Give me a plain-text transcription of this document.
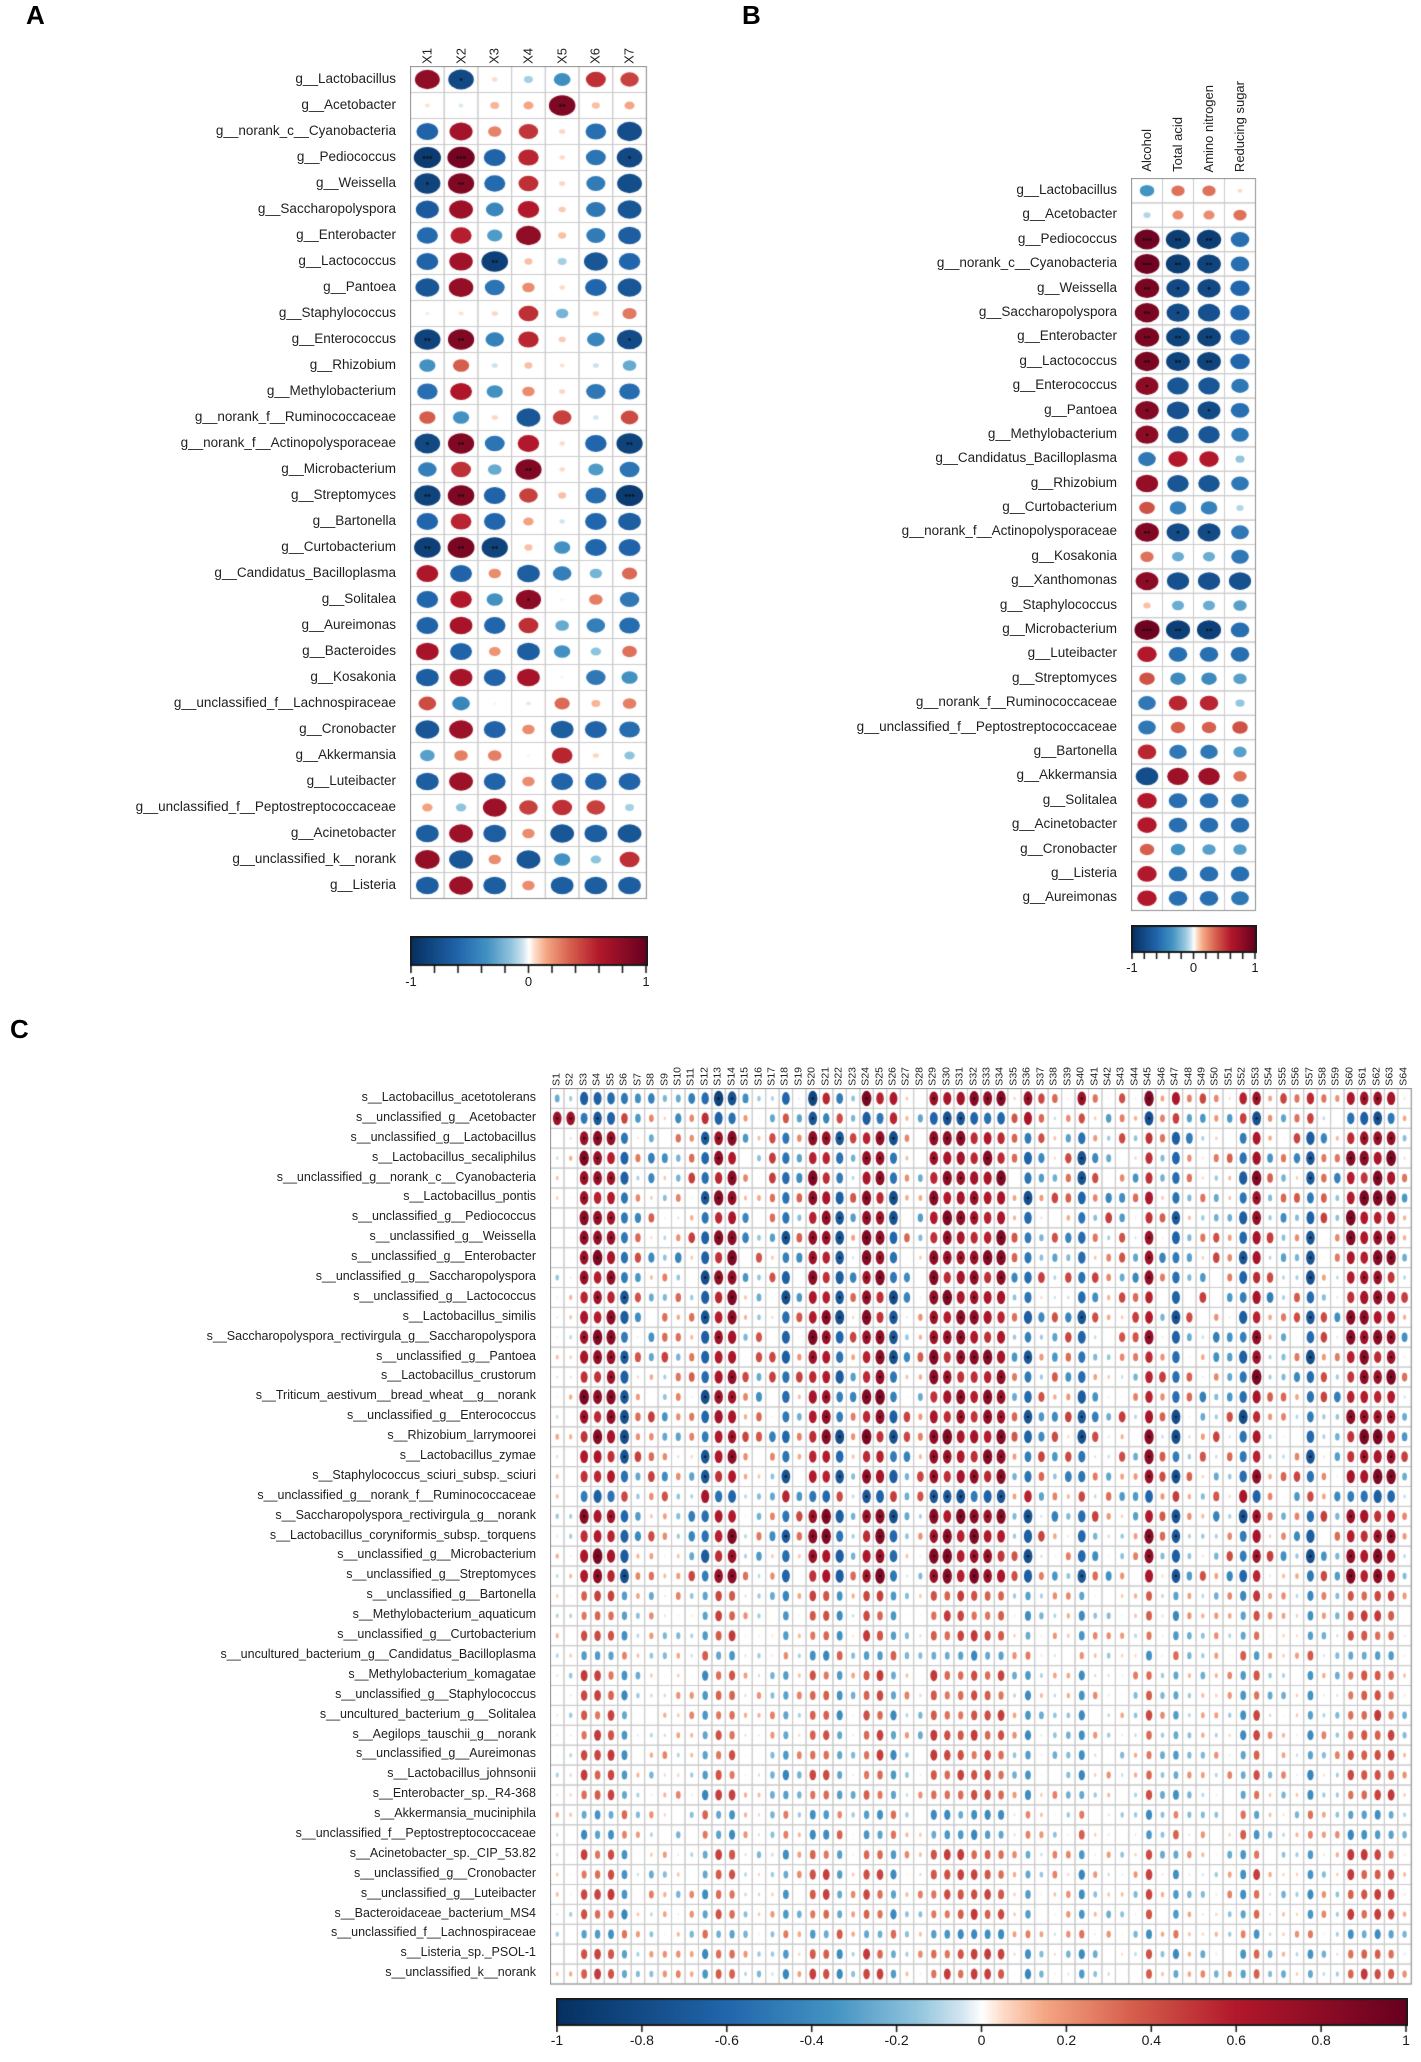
A	B
C
g__Lactobacillus
g__Acetobacter
g__norank_c__Cyanobacteria
g__Pediococcus
g__Weissella
g__Saccharopolyspora
g__Enterobacter
g__Lactococcus
g__Pantoea
g__Staphylococcus
g__Enterococcus
g__Rhizobium
g__Methylobacterium
g__norank_f__Ruminococcaceae
g__norank_f__Actinopolysporaceae
g__Microbacterium
g__Streptomyces
g__Bartonella
g__Curtobacterium
g__Candidatus_Bacilloplasma
g__Solitalea
g__Aureimonas
g__Bacteroides
g__Kosakonia
g__unclassified_f__Lachnospiraceae
g__Cronobacter
g__Akkermansia
g__Luteibacter
g__unclassified_f__Peptostreptococcaceae
g__Acinetobacter
g__unclassified_k__norank
g__Listeria
X1	X2	X3	X4	X5	X6	X7
-1	0	1
g__Lactobacillus
g__Acetobacter
g__Pediococcus
g__norank_c__Cyanobacteria
g__Weissella
g__Saccharopolyspora
g__Enterobacter
g__Lactococcus
g__Enterococcus
g__Pantoea
g__Methylobacterium
g__Candidatus_Bacilloplasma
g__Rhizobium
g__Curtobacterium
g__norank_f__Actinopolysporaceae
g__Kosakonia
g__Xanthomonas
g__Staphylococcus
g__Microbacterium
g__Luteibacter
g__Streptomyces
g__norank_f__Ruminococcaceae
g__unclassified_f__Peptostreptococcaceae
g__Bartonella
g__Akkermansia
g__Solitalea
g__Acinetobacter
g__Cronobacter
g__Listeria
g__Aureimonas
Alcohol	Total acid	Amino nitrogen	Reducing sugar
-1	0	1
s__Lactobacillus_acetotolerans
s__unclassified_g__Acetobacter
s__unclassified_g__Lactobacillus
s__Lactobacillus_secaliphilus
s__unclassified_g__norank_c__Cyanobacteria
s__Lactobacillus_pontis
s__unclassified_g__Pediococcus
s__unclassified_g__Weissella
s__unclassified_g__Enterobacter
s__unclassified_g__Saccharopolyspora
s__unclassified_g__Lactococcus
s__Lactobacillus_similis
s__Saccharopolyspora_rectivirgula_g__Saccharopolyspora
s__unclassified_g__Pantoea
s__Lactobacillus_crustorum
s__Triticum_aestivum__bread_wheat__g__norank
s__unclassified_g__Enterococcus
s__Rhizobium_larrymoorei
s__Lactobacillus_zymae
s__Staphylococcus_sciuri_subsp._sciuri
s__unclassified_g__norank_f__Ruminococcaceae
s__Saccharopolyspora_rectivirgula_g__norank
s__Lactobacillus_coryniformis_subsp._torquens
s__unclassified_g__Microbacterium
s__unclassified_g__Streptomyces
s__unclassified_g__Bartonella
s__Methylobacterium_aquaticum
s__unclassified_g__Curtobacterium
s__uncultured_bacterium_g__Candidatus_Bacilloplasma
s__Methylobacterium_komagatae
s__unclassified_g__Staphylococcus
s__uncultured_bacterium_g__Solitalea
s__Aegilops_tauschii_g__norank
s__unclassified_g__Aureimonas
s__Lactobacillus_johnsonii
s__Enterobacter_sp._R4-368
s__Akkermansia_muciniphila
s__unclassified_f__Peptostreptococcaceae
s__Acinetobacter_sp._CIP_53.82
s__unclassified_g__Cronobacter
s__unclassified_g__Luteibacter
s__Bacteroidaceae_bacterium_MS4
s__unclassified_f__Lachnospiraceae
s__Listeria_sp._PSOL-1
s__unclassified_k__norank
S1 S2 S3 S4 S5 S6 S7 S8 S9 S10 S11 S12 S13 S14 S15 S16 S17 S18 S19 S20 S21 S22 S23 S24 S25 S26 S27 S28 S29 S30 S31 S32 S33 S34 S35 S36 S37 S38 S39 S40 S41 S42 S43 S44 S45 S46 S47 S48 S49 S50 S51 S52 S53 S54 S55 S56 S57 S58 S59 S60 S61 S62 S63 S64
-1	-0.8	-0.6	-0.4	-0.2	0	0.2	0.4	0.6	0.8	1
